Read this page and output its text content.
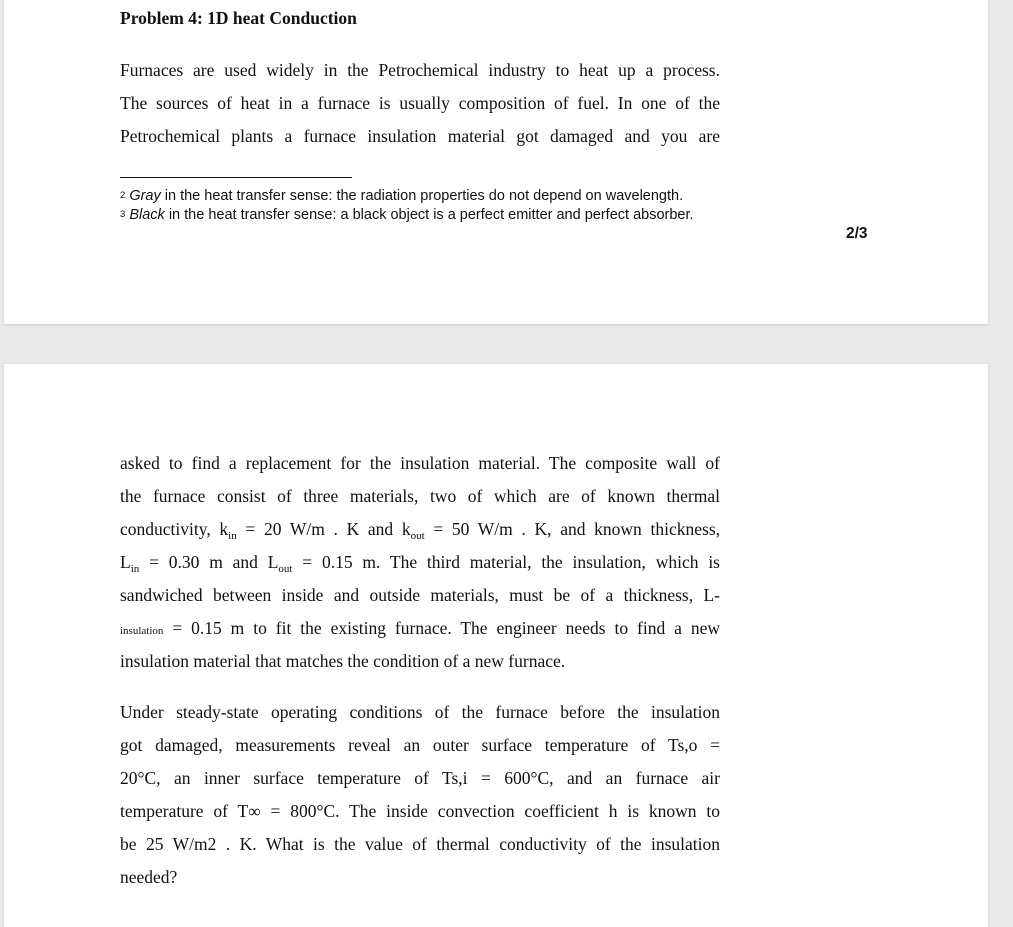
Problem 4: 1D heat Conduction
Furnaces are used widely in the Petrochemical industry to heat up a process.
The sources of heat in a furnace is usually composition of fuel. In one of the
Petrochemical plants a furnace insulation material got damaged and you are
$^2$ Gray in the heat transfer sense: the radiation properties do not depend on wavelength.
$^3$ Black in the heat transfer sense: a black object is a perfect emitter and perfect absorber.
2/3
asked to find a replacement for the insulation material. The composite wall of
the furnace consist of three materials, two of which are of known thermal
conductivity, $k_{in} = 20$ W/m . K and $k_{out} = 50$ W/m . K, and known thickness,
$L_{in} = 0.30$ m and $L_{out} = 0.15$ m. The third material, the insulation, which is
sandwiched between inside and outside materials, must be of a thickness, L-
insulation = 0.15 m to fit the existing furnace. The engineer needs to find a new
insulation material that matches the condition of a new furnace.
Under steady-state operating conditions of the furnace before the insulation
got damaged, measurements reveal an outer surface temperature of Ts,o =
20°C, an inner surface temperature of Ts,i = 600°C, and an furnace air
temperature of T∞ = 800°C. The inside convection coefficient h is known to
be 25 W/m2 . K. What is the value of thermal conductivity of the insulation
needed?
